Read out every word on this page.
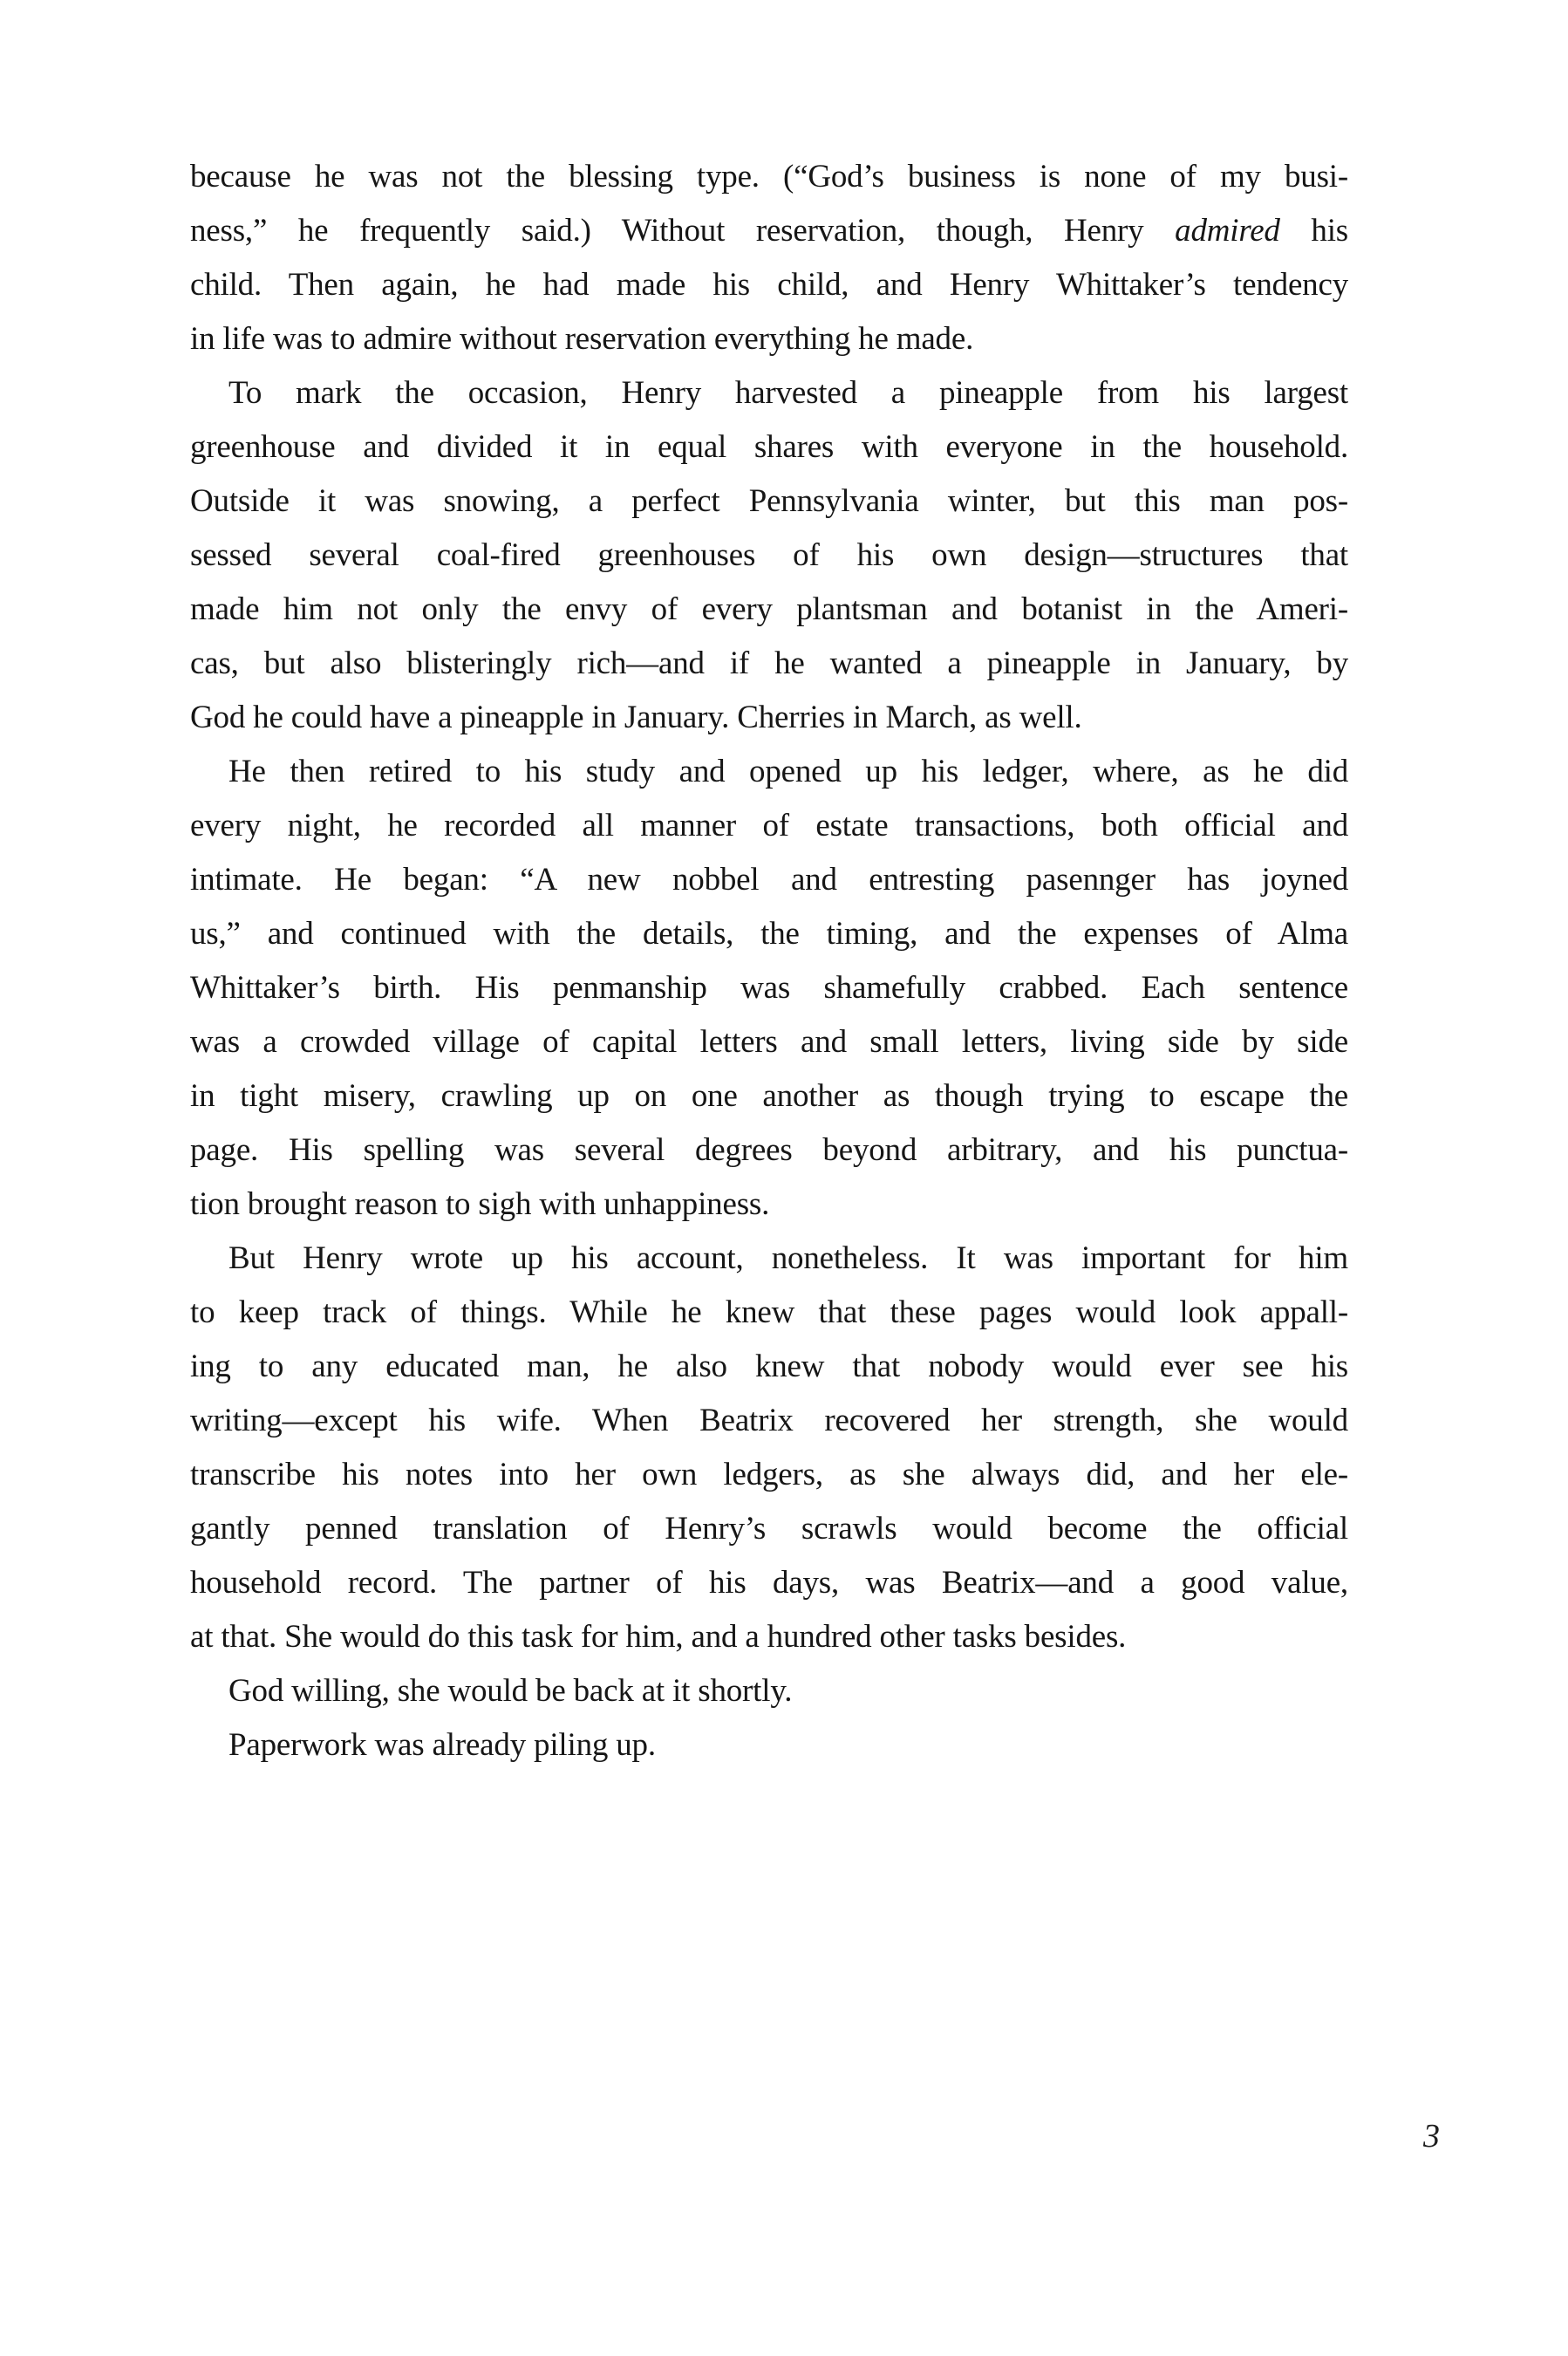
because he was not the blessing type. (“God’s business is none of my busi-
ness,” he frequently said.) Without reservation, though, Henry admired his
child. Then again, he had made his child, and Henry Whittaker’s tendency
in life was to admire without reservation everything he made.
To mark the occasion, Henry harvested a pineapple from his largest
greenhouse and divided it in equal shares with everyone in the household.
Outside it was snowing, a perfect Pennsylvania winter, but this man pos-
sessed several coal-fired greenhouses of his own design—structures that
made him not only the envy of every plantsman and botanist in the Ameri-
cas, but also blisteringly rich—and if he wanted a pineapple in January, by
God he could have a pineapple in January. Cherries in March, as well.
He then retired to his study and opened up his ledger, where, as he did
every night, he recorded all manner of estate transactions, both official and
intimate. He began: “A new nobbel and entresting pasennger has joyned
us,” and continued with the details, the timing, and the expenses of Alma
Whittaker’s birth. His penmanship was shamefully crabbed. Each sentence
was a crowded village of capital letters and small letters, living side by side
in tight misery, crawling up on one another as though trying to escape the
page. His spelling was several degrees beyond arbitrary, and his punctua-
tion brought reason to sigh with unhappiness.
But Henry wrote up his account, nonetheless. It was important for him
to keep track of things. While he knew that these pages would look appall-
ing to any educated man, he also knew that nobody would ever see his
writing—except his wife. When Beatrix recovered her strength, she would
transcribe his notes into her own ledgers, as she always did, and her ele-
gantly penned translation of Henry’s scrawls would become the official
household record. The partner of his days, was Beatrix—and a good value,
at that. She would do this task for him, and a hundred other tasks besides.
God willing, she would be back at it shortly.
Paperwork was already piling up.
3
